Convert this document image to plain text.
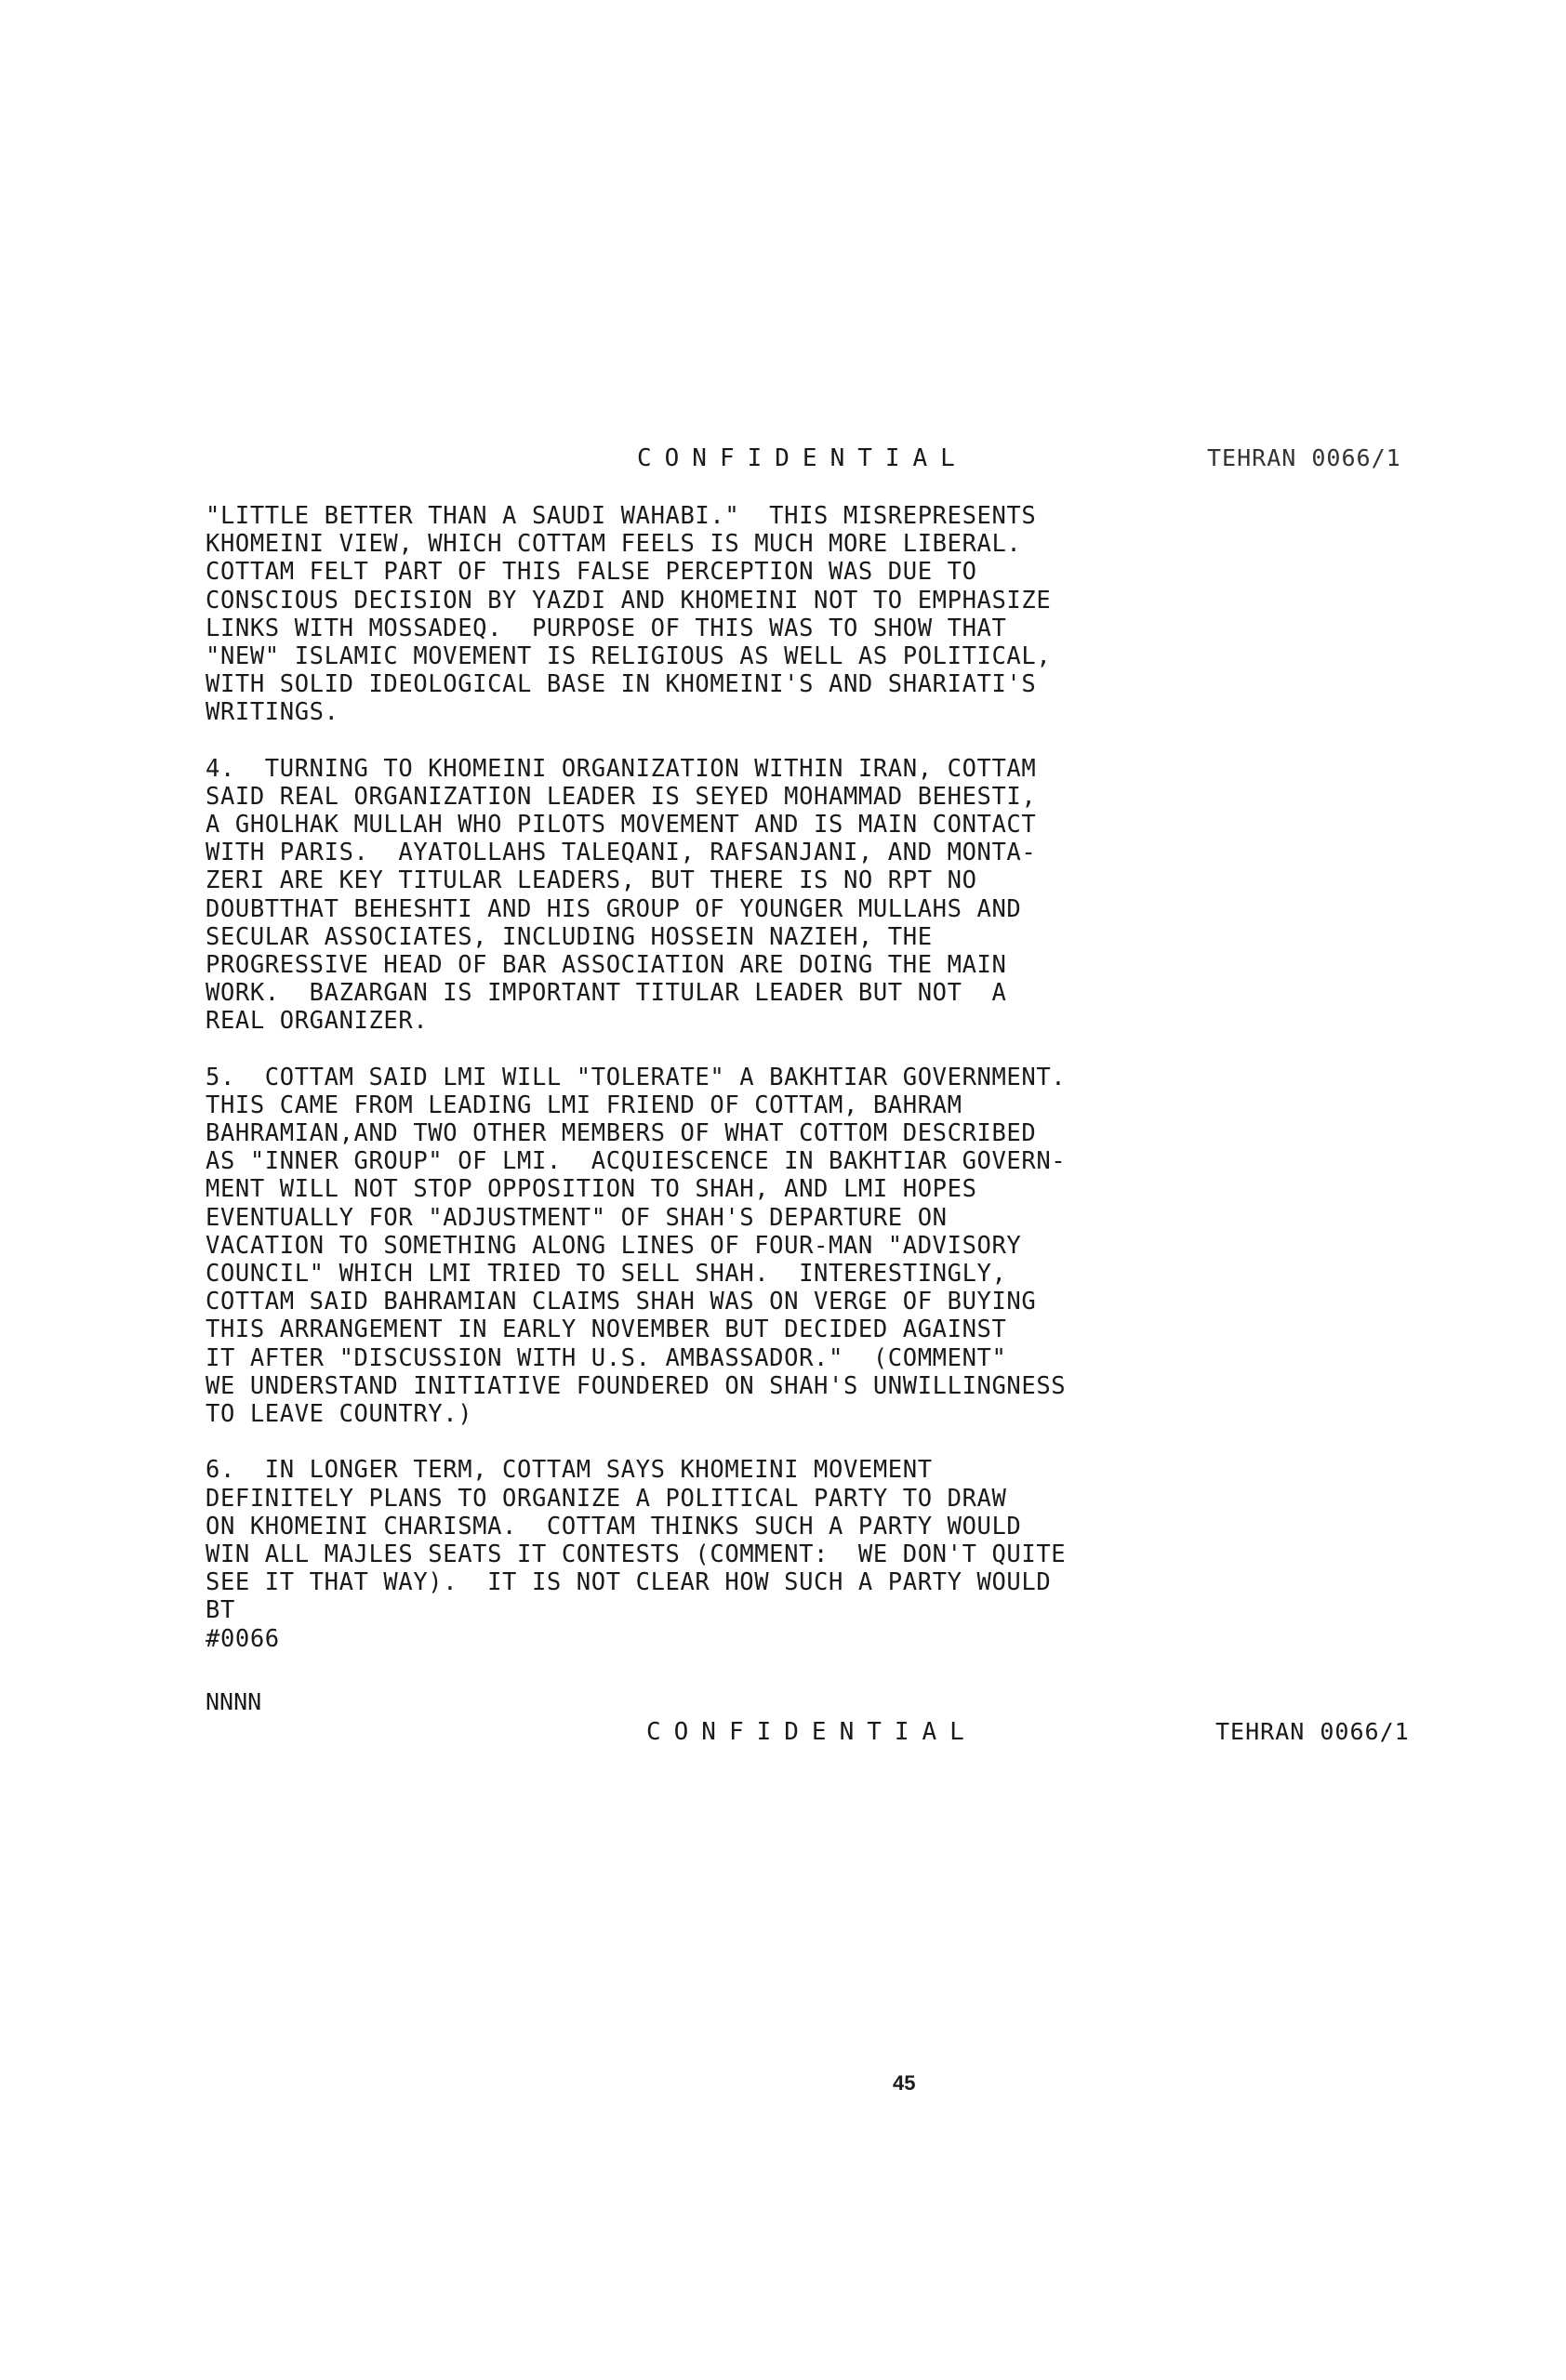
CONFIDENTIAL	TEHRAN 0066/1
"LITTLE BETTER THAN A SAUDI WAHABI."  THIS MISREPRESENTS
KHOMEINI VIEW, WHICH COTTAM FEELS IS MUCH MORE LIBERAL.
COTTAM FELT PART OF THIS FALSE PERCEPTION WAS DUE TO
CONSCIOUS DECISION BY YAZDI AND KHOMEINI NOT TO EMPHASIZE
LINKS WITH MOSSADEQ.  PURPOSE OF THIS WAS TO SHOW THAT
"NEW" ISLAMIC MOVEMENT IS RELIGIOUS AS WELL AS POLITICAL,
WITH SOLID IDEOLOGICAL BASE IN KHOMEINI'S AND SHARIATI'S
WRITINGS.
4.  TURNING TO KHOMEINI ORGANIZATION WITHIN IRAN, COTTAM
SAID REAL ORGANIZATION LEADER IS SEYED MOHAMMAD BEHESTI,
A GHOLHAK MULLAH WHO PILOTS MOVEMENT AND IS MAIN CONTACT
WITH PARIS.  AYATOLLAHS TALEQANI, RAFSANJANI, AND MONTA-
ZERI ARE KEY TITULAR LEADERS, BUT THERE IS NO RPT NO
DOUBTTHAT BEHESHTI AND HIS GROUP OF YOUNGER MULLAHS AND
SECULAR ASSOCIATES, INCLUDING HOSSEIN NAZIEH, THE
PROGRESSIVE HEAD OF BAR ASSOCIATION ARE DOING THE MAIN
WORK.  BAZARGAN IS IMPORTANT TITULAR LEADER BUT NOT  A
REAL ORGANIZER.
5.  COTTAM SAID LMI WILL "TOLERATE" A BAKHTIAR GOVERNMENT.
THIS CAME FROM LEADING LMI FRIEND OF COTTAM, BAHRAM
BAHRAMIAN,AND TWO OTHER MEMBERS OF WHAT COTTOM DESCRIBED
AS "INNER GROUP" OF LMI.  ACQUIESCENCE IN BAKHTIAR GOVERN-
MENT WILL NOT STOP OPPOSITION TO SHAH, AND LMI HOPES
EVENTUALLY FOR "ADJUSTMENT" OF SHAH'S DEPARTURE ON
VACATION TO SOMETHING ALONG LINES OF FOUR-MAN "ADVISORY
COUNCIL" WHICH LMI TRIED TO SELL SHAH.  INTERESTINGLY,
COTTAM SAID BAHRAMIAN CLAIMS SHAH WAS ON VERGE OF BUYING
THIS ARRANGEMENT IN EARLY NOVEMBER BUT DECIDED AGAINST
IT AFTER "DISCUSSION WITH U.S. AMBASSADOR."  (COMMENT"
WE UNDERSTAND INITIATIVE FOUNDERED ON SHAH'S UNWILLINGNESS
TO LEAVE COUNTRY.)
6.  IN LONGER TERM, COTTAM SAYS KHOMEINI MOVEMENT
DEFINITELY PLANS TO ORGANIZE A POLITICAL PARTY TO DRAW
ON KHOMEINI CHARISMA.  COTTAM THINKS SUCH A PARTY WOULD
WIN ALL MAJLES SEATS IT CONTESTS (COMMENT:  WE DON'T QUITE
SEE IT THAT WAY).  IT IS NOT CLEAR HOW SUCH A PARTY WOULD
BT
#0066
NNNN
CONFIDENTIAL	TEHRAN 0066/1
45
